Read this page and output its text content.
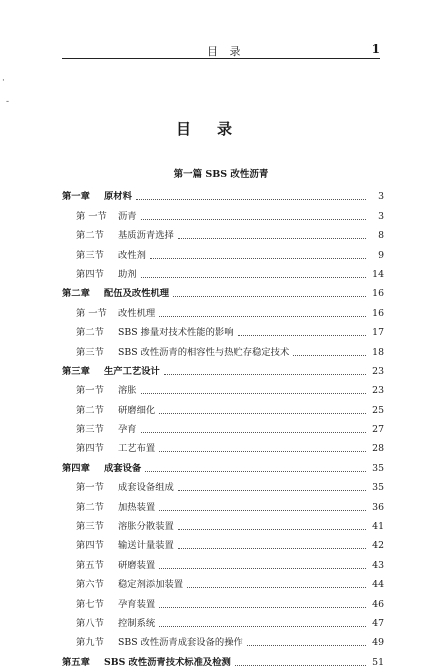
目 录	1
·
-
目录
第一篇 SBS 改性沥青
第一章	原材料	3
第 一节	沥青	3
第二节	基质沥青选择	8
第三节	改性剂	9
第四节	助剂	14
第二章	配伍及改性机理	16
第 一节	改性机理	16
第二节	SBS 掺量对技术性能的影响	17
第三节	SBS 改性沥青的相容性与热贮存稳定技术	18
第三章	生产工艺设计	23
第一节	溶胀	23
第二节	研磨细化	25
第三节	孕育	27
第四节	工艺布置	28
第四章	成套设备	35
第一节	成套设备组成	35
第二节	加热装置	36
第三节	溶胀分散装置	41
第四节	输送计量装置	42
第五节	研磨装置	43
第六节	稳定剂添加装置	44
第七节	孕育装置	46
第八节	控制系统	47
第九节	SBS 改性沥青成套设备的操作	49
第五章	SBS 改性沥青技术标准及检测	51
